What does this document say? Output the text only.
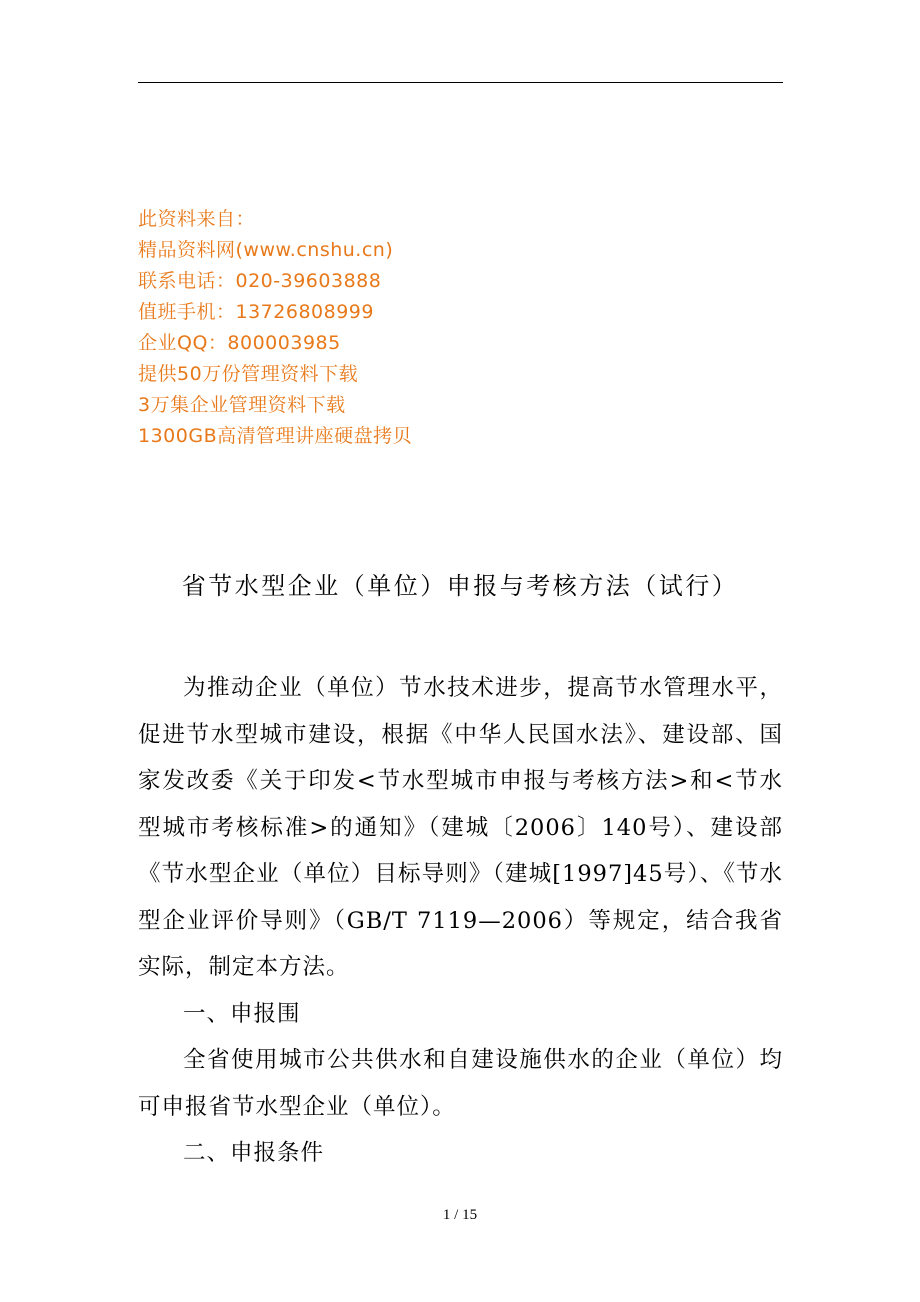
此资料来自：
精品资料网(www.cnshu.cn)
联系电话：020-39603888
值班手机：13726808999
企业QQ：800003985
提供50万份管理资料下载
3万集企业管理资料下载
1300GB高清管理讲座硬盘拷贝
省节水型企业（单位）申报与考核方法（试行）

为推动企业（单位）节水技术进步，提高节水管理水平，促进节水型城市建设，根据《中华人民国水法》、建设部、国家发改委《关于印发<节水型城市申报与考核方法>和<节水型城市考核标准>的通知》（建城〔2006〕140号）、建设部《节水型企业（单位）目标导则》（建城[1997]45号）、《节水型企业评价导则》（GB/T 7119—2006）等规定，结合我省实际，制定本方法。

一、申报围

全省使用城市公共供水和自建设施供水的企业（单位）均可申报省节水型企业（单位）。

二、申报条件

1 / 15
